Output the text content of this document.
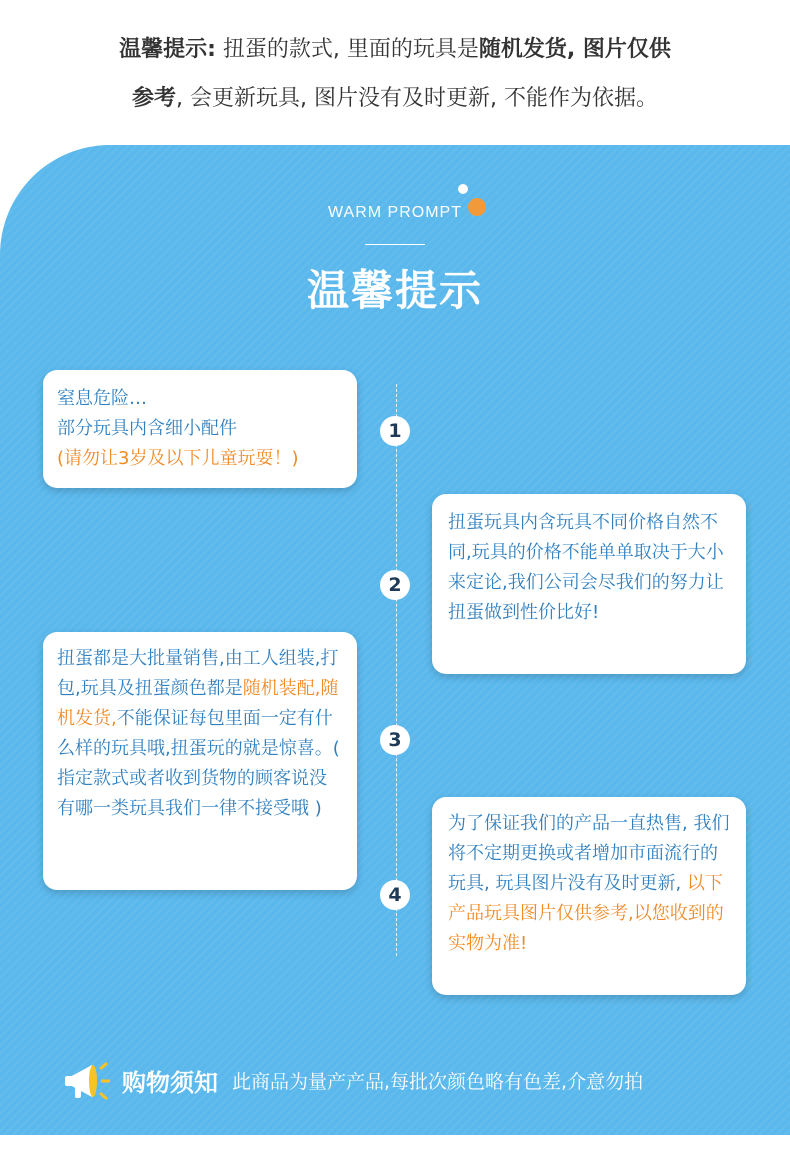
温馨提示: 扭蛋的款式, 里面的玩具是随机发货, 图片仅供
参考, 会更新玩具, 图片没有及时更新, 不能作为依据。
WARM PROMPT
温馨提示
1
2
3
4

窒息危险…

部分玩具内含细小配件

(请勿让3岁及以下儿童玩耍！)

扭蛋玩具内含玩具不同价格自然不同,玩具的价格不能单单取决于大小来定论,我们公司会尽我们的努力让扭蛋做到性价比好!

扭蛋都是大批量销售,由工人组装,打包,玩具及扭蛋颜色都是随机装配,随机发货,不能保证每包里面一定有什么样的玩具哦,扭蛋玩的就是惊喜。( 指定款式或者收到货物的顾客说没有哪一类玩具我们一律不接受哦 )

为了保证我们的产品一直热售, 我们将不定期更换或者增加市面流行的玩具, 玩具图片没有及时更新, 以下产品玩具图片仅供参考,以您收到的实物为准!

购物须知 此商品为量产产品,每批次颜色略有色差,介意勿拍
